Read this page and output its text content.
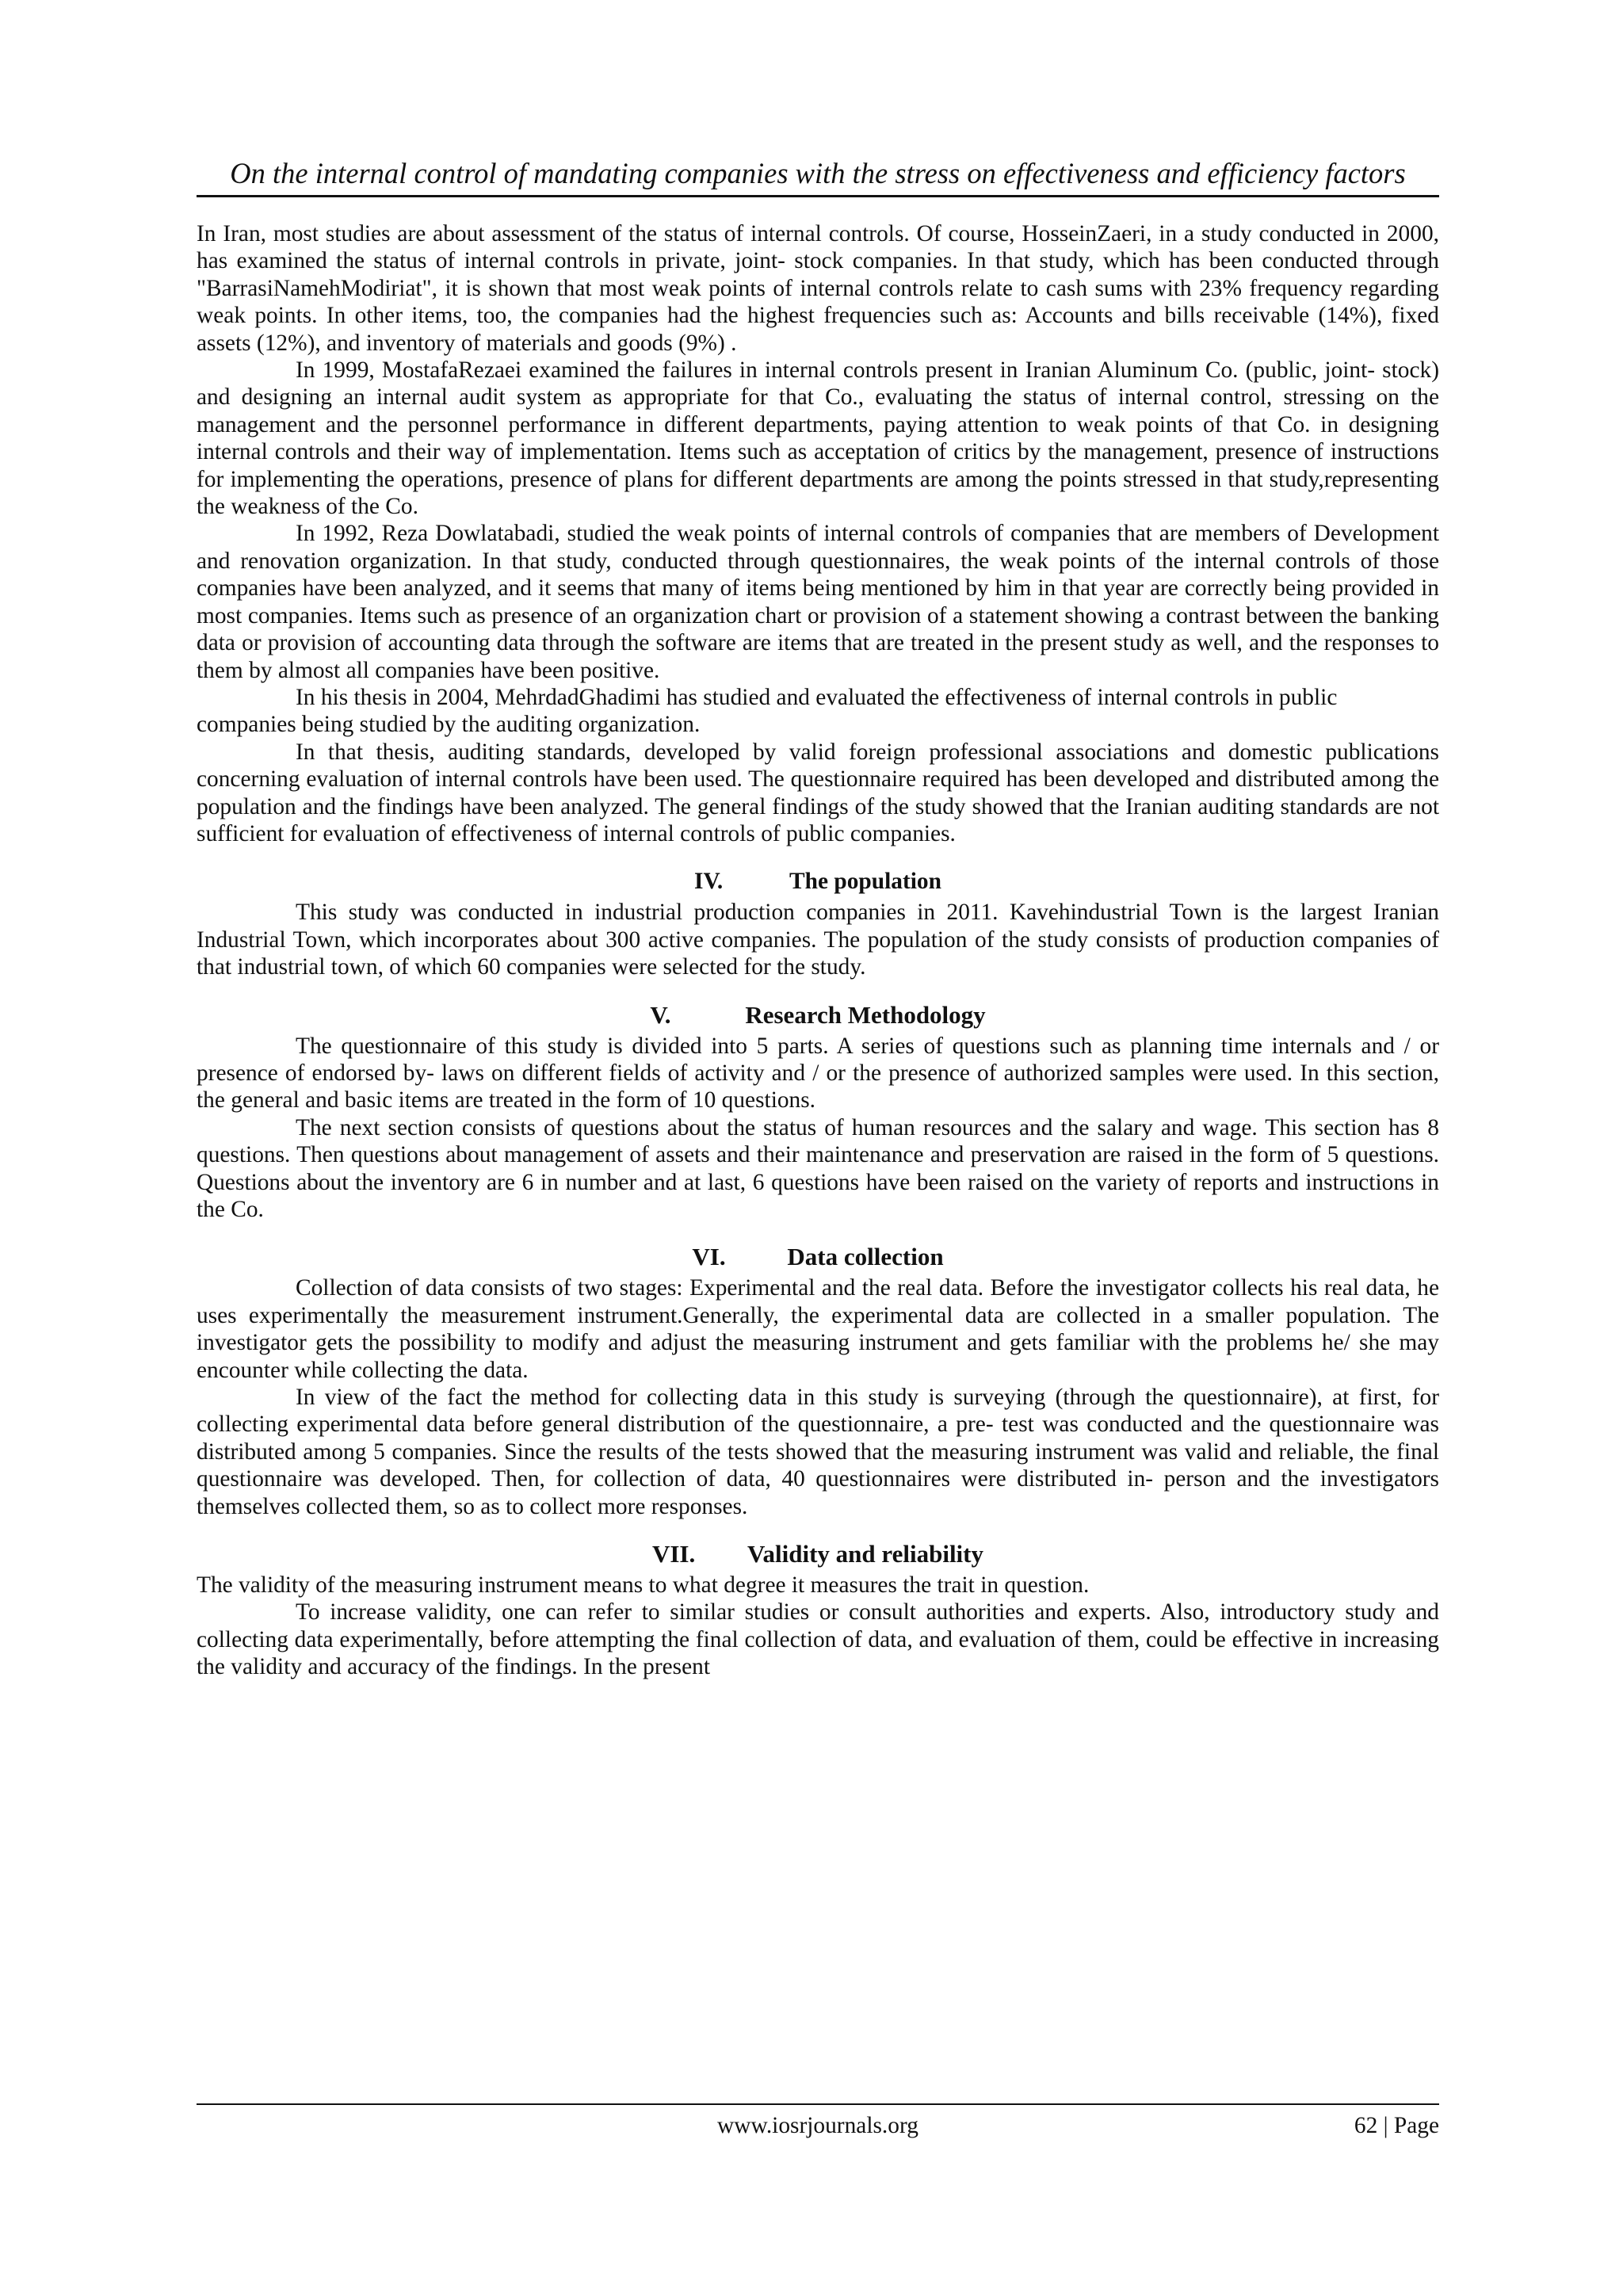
On the internal control of mandating companies with the stress on effectiveness and efficiency factors

In Iran, most studies are about assessment of the status of internal controls. Of course, HosseinZaeri, in a study conducted in 2000, has examined the status of internal controls in private, joint- stock companies. In that study, which has been conducted through "BarrasiNamehModiriat", it is shown that most weak points of internal controls relate to cash sums with 23% frequency regarding weak points. In other items, too, the companies had the highest frequencies such as: Accounts and bills receivable (14%), fixed assets (12%), and inventory of materials and goods (9%) .

In 1999, MostafaRezaei examined the failures in internal controls present in Iranian Aluminum Co. (public, joint- stock) and designing an internal audit system as appropriate for that Co., evaluating the status of internal control, stressing on the management and the personnel performance in different departments, paying attention to weak points of that Co. in designing internal controls and their way of implementation. Items such as acceptation of critics by the management, presence of instructions for implementing the operations, presence of plans for different departments are among the points stressed in that study,representing the weakness of the Co.

In 1992, Reza Dowlatabadi, studied the weak points of internal controls of companies that are members of Development and renovation organization. In that study, conducted through questionnaires, the weak points of the internal controls of those companies have been analyzed, and it seems that many of items being mentioned by him in that year are correctly being provided in most companies. Items such as presence of an organization chart or provision of a statement showing a contrast between the banking data or provision of accounting data through the software are items that are treated in the present study as well, and the responses to them by almost all companies have been positive.

In his thesis in 2004, MehrdadGhadimi has studied and evaluated the effectiveness of internal controls in public companies being studied by the auditing organization.

In that thesis, auditing standards, developed by valid foreign professional associations and domestic publications concerning evaluation of internal controls have been used. The questionnaire required has been developed and distributed among the population and the findings have been analyzed. The general findings of the study showed that the Iranian auditing standards are not sufficient for evaluation of effectiveness of internal controls of public companies.

IV.	The population

This study was conducted in industrial production companies in 2011. Kavehindustrial Town is the largest Iranian Industrial Town, which incorporates about 300 active companies. The population of the study consists of production companies of that industrial town, of which 60 companies were selected for the study.

V.	Research Methodology

The questionnaire of this study is divided into 5 parts. A series of questions such as planning time internals and / or presence of endorsed by- laws on different fields of activity and / or the presence of authorized samples were used. In this section, the general and basic items are treated in the form of 10 questions.

The next section consists of questions about the status of human resources and the salary and wage. This section has 8 questions. Then questions about management of assets and their maintenance and preservation are raised in the form of 5 questions. Questions about the inventory are 6 in number and at last, 6 questions have been raised on the variety of reports and instructions in the Co.

VI.	Data collection

Collection of data consists of two stages: Experimental and the real data. Before the investigator collects his real data, he uses experimentally the measurement instrument.Generally, the experimental data are collected in a smaller population. The investigator gets the possibility to modify and adjust the measuring instrument and gets familiar with the problems he/ she may encounter while collecting the data.

In view of the fact the method for collecting data in this study is surveying (through the questionnaire), at first, for collecting experimental data before general distribution of the questionnaire, a pre- test was conducted and the questionnaire was distributed among 5 companies. Since the results of the tests showed that the measuring instrument was valid and reliable, the final questionnaire was developed. Then, for collection of data, 40 questionnaires were distributed in- person and the investigators themselves collected them, so as to collect more responses.

VII. Validity and reliability

The validity of the measuring instrument means to what degree it measures the trait in question.

To increase validity, one can refer to similar studies or consult authorities and experts. Also, introductory study and collecting data experimentally, before attempting the final collection of data, and evaluation of them, could be effective in increasing the validity and accuracy of the findings. In the present

www.iosrjournals.org	62 | Page
